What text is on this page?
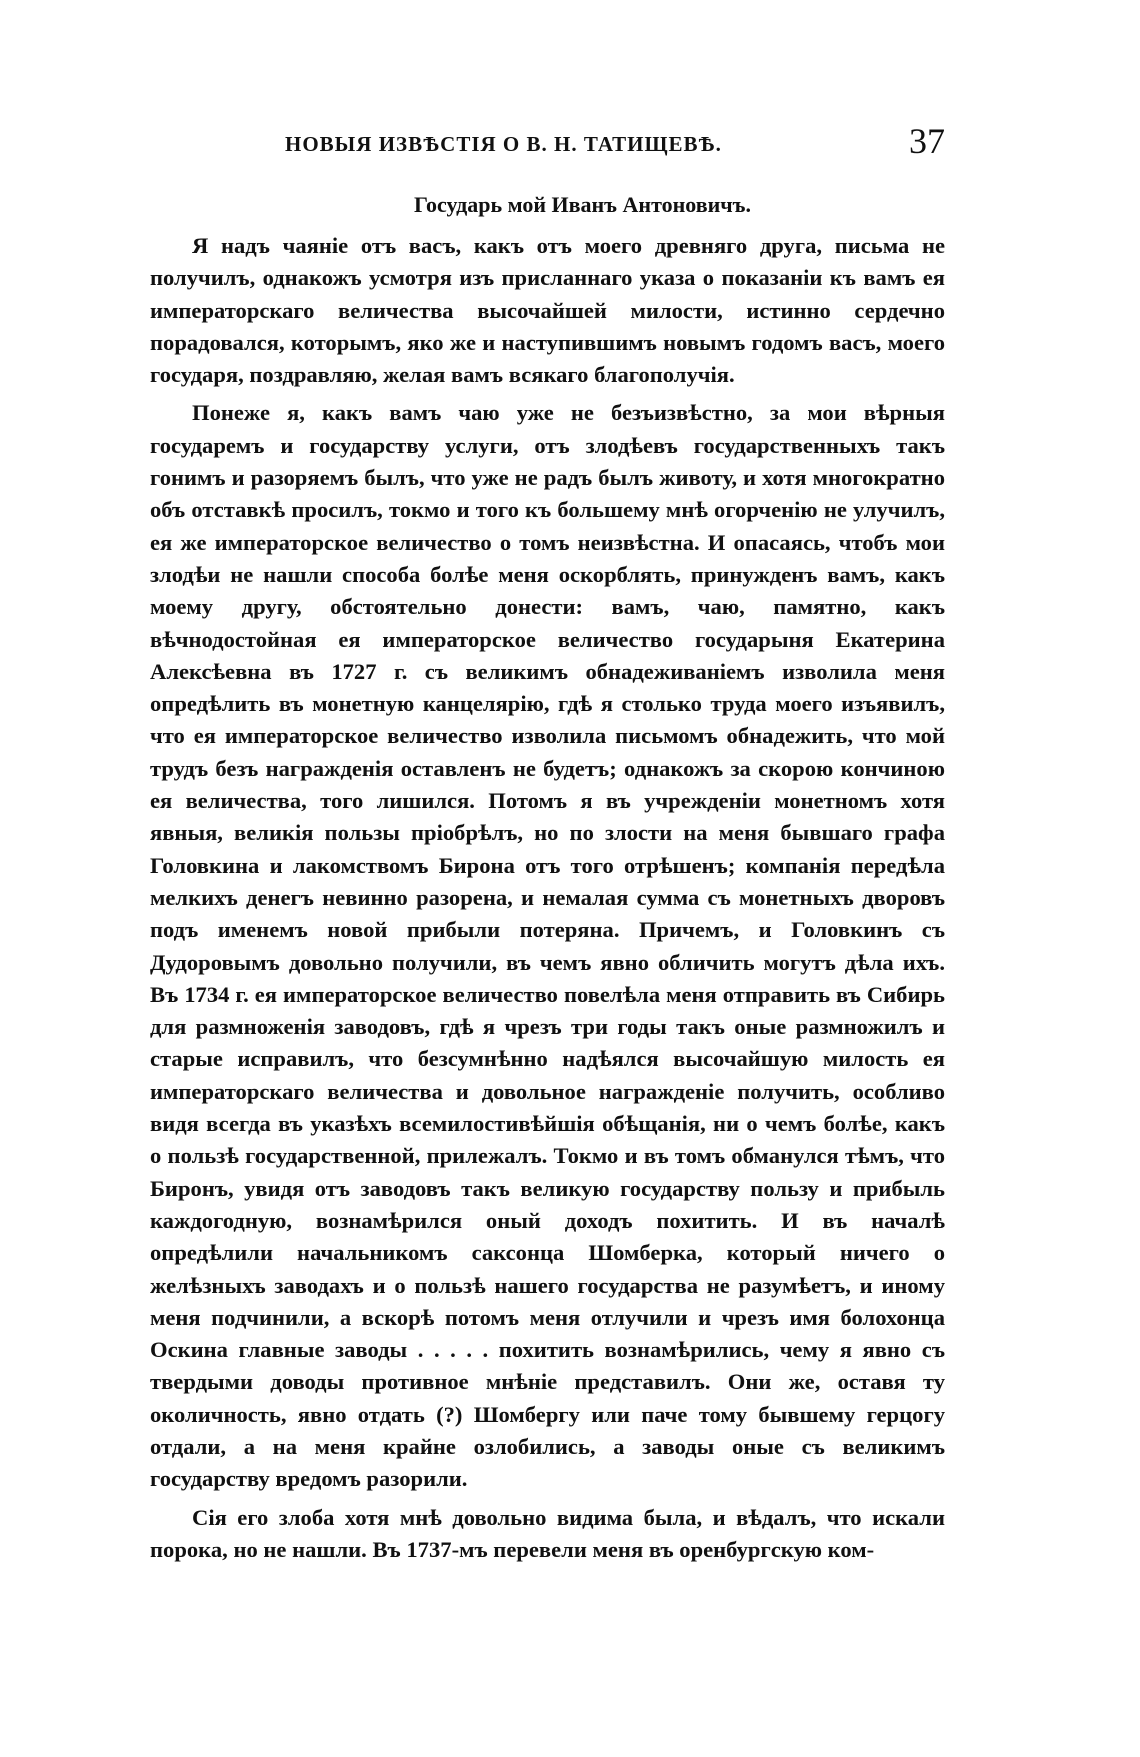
НОВЫЯ ИЗВѢСТІЯ О В. Н. ТАТИЩЕВѢ.	37
Государь мой Иванъ Антоновичъ.

Я надъ чаяніе отъ васъ, какъ отъ моего древняго друга, письма не получилъ, однакожъ усмотря изъ присланнаго указа о показаніи къ вамъ ея императорскаго величества высочайшей милости, истинно сердечно порадовался, которымъ, яко же и наступившимъ новымъ годомъ васъ, моего государя, поздравляю, желая вамъ всякаго благополучія.

Понеже я, какъ вамъ чаю уже не безъизвѣстно, за мои вѣрныя государемъ и государству услуги, отъ злодѣевъ государственныхъ такъ гонимъ и разоряемъ былъ, что уже не радъ былъ животу, и хотя многократно объ отставкѣ просилъ, токмо и того къ большему мнѣ огорченію не улучилъ, ея же императорское величество о томъ неизвѣстна. И опасаясь, чтобъ мои злодѣи не нашли способа болѣе меня оскорблять, принужденъ вамъ, какъ моему другу, обстоятельно донести: вамъ, чаю, памятно, какъ вѣчнодостойная ея императорское величество государыня Екатерина Алексѣевна въ 1727 г. съ великимъ обнадеживаніемъ изволила меня опредѣлить въ монетную канцелярію, гдѣ я столько труда моего изъявилъ, что ея императорское величество изволила письмомъ обнадежить, что мой трудъ безъ награжденія оставленъ не будетъ; однакожъ за скорою кончиною ея величества, того лишился. Потомъ я въ учрежденіи монетномъ хотя явныя, великія пользы пріобрѣлъ, но по злости на меня бывшаго графа Головкина и лакомствомъ Бирона отъ того отрѣшенъ; компанія передѣла мелкихъ денегъ невинно разорена, и немалая сумма съ монетныхъ дворовъ подъ именемъ новой прибыли потеряна. Причемъ, и Головкинъ съ Дудоровымъ довольно получили, въ чемъ явно обличить могутъ дѣла ихъ. Въ 1734 г. ея императорское величество повелѣла меня отправить въ Сибирь для размноженія заводовъ, гдѣ я чрезъ три годы такъ оные размножилъ и старые исправилъ, что безсумнѣнно надѣялся высочайшую милость ея императорскаго величества и довольное награжденіе получить, особливо видя всегда въ указѣхъ всемилостивѣйшія обѣщанія, ни о чемъ болѣе, какъ о пользѣ государственной, прилежалъ. Токмо и въ томъ обманулся тѣмъ, что Биронъ, увидя отъ заводовъ такъ великую государству пользу и прибыль каждогодную, вознамѣрился оный доходъ похитить. И въ началѣ опредѣлили начальникомъ саксонца Шомберка, который ничего о желѣзныхъ заводахъ и о пользѣ нашего государства не разумѣетъ, и иному меня подчинили, а вскорѣ потомъ меня отлучили и чрезъ имя болохонца Оскина главные заводы . . . . . похитить вознамѣрились, чему я явно съ твердыми доводы противное мнѣніе представилъ. Они же, оставя ту околичность, явно отдать (?) Шомбергу или паче тому бывшему герцогу отдали, а на меня крайне озлобились, а заводы оные съ великимъ государству вредомъ разорили.

Сія его злоба хотя мнѣ довольно видима была, и вѣдалъ, что искали порока, но не нашли. Въ 1737-мъ перевели меня въ оренбургскую ком-
